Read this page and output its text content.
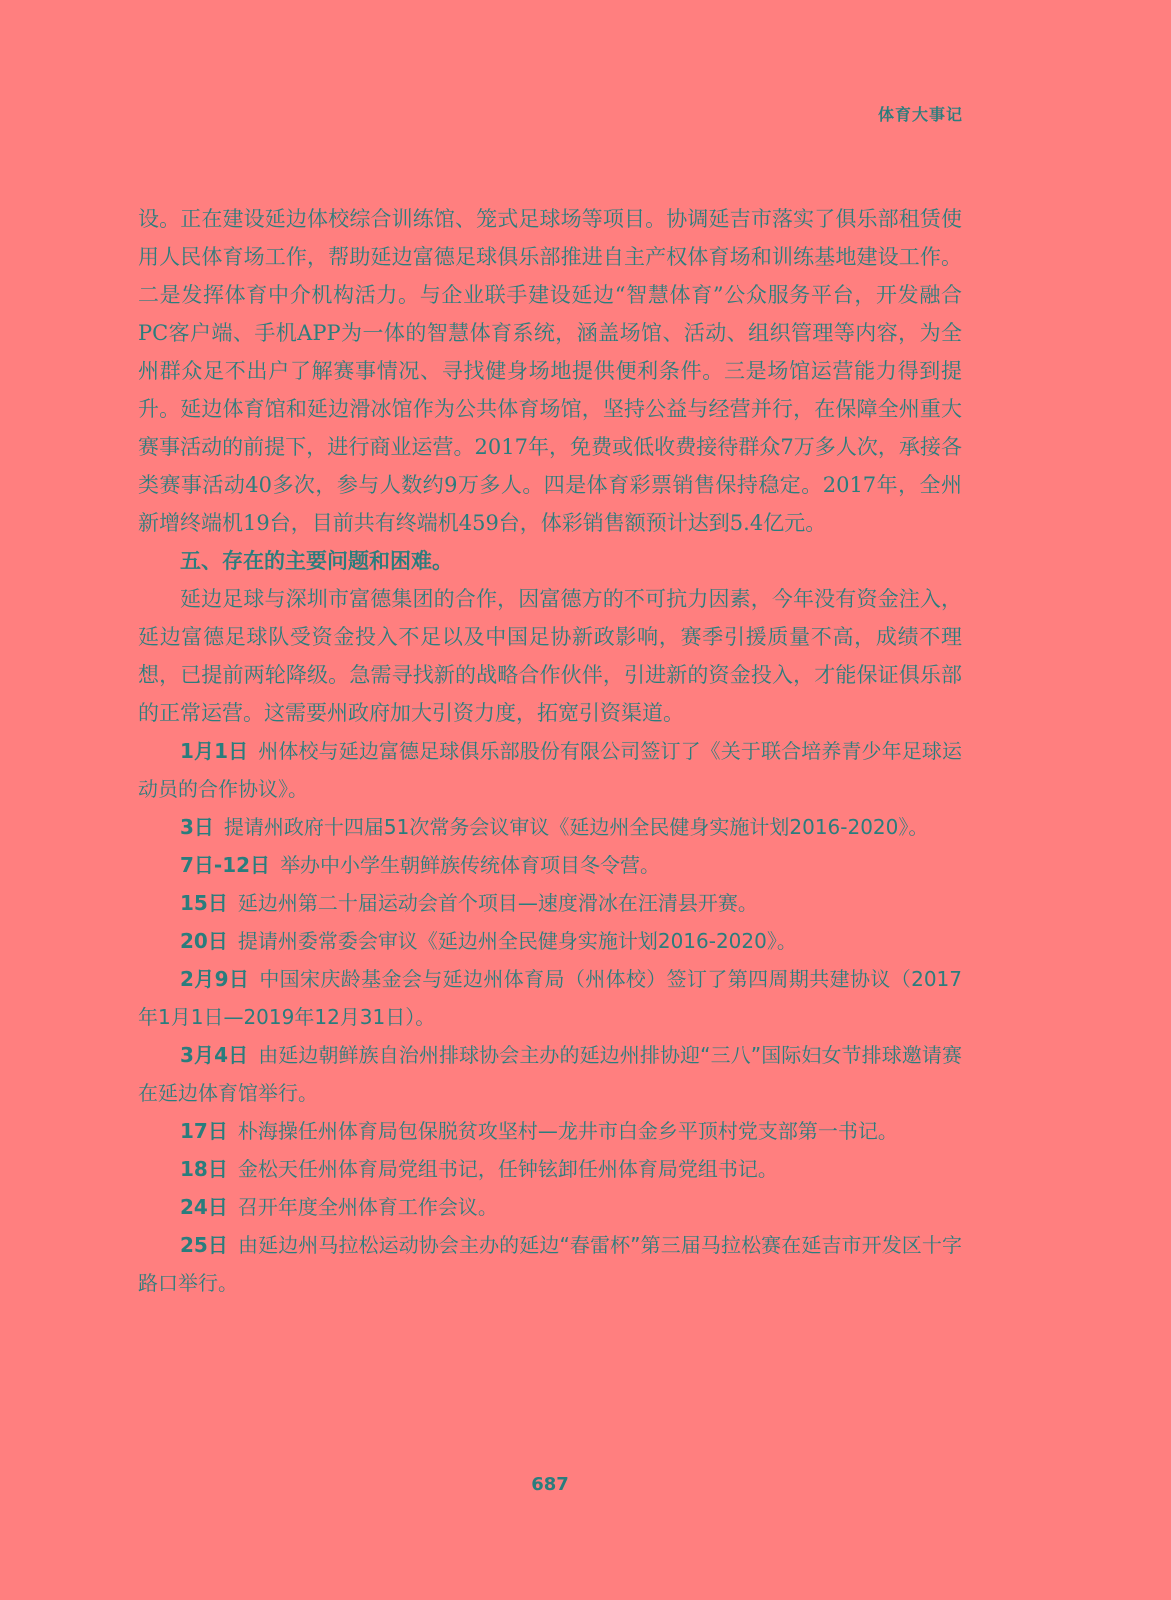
体育大事记

设。正在建设延边体校综合训练馆、笼式足球场等项目。协调延吉市落实了俱乐部租赁使用人民体育场工作，帮助延边富德足球俱乐部推进自主产权体育场和训练基地建设工作。二是发挥体育中介机构活力。与企业联手建设延边“智慧体育”公众服务平台，开发融合PC客户端、手机APP为一体的智慧体育系统，涵盖场馆、活动、组织管理等内容，为全州群众足不出户了解赛事情况、寻找健身场地提供便利条件。三是场馆运营能力得到提升。延边体育馆和延边滑冰馆作为公共体育场馆，坚持公益与经营并行，在保障全州重大赛事活动的前提下，进行商业运营。2017年，免费或低收费接待群众7万多人次，承接各类赛事活动40多次，参与人数约9万多人。四是体育彩票销售保持稳定。2017年，全州新增终端机19台，目前共有终端机459台，体彩销售额预计达到5.4亿元。

五、存在的主要问题和困难。

延边足球与深圳市富德集团的合作，因富德方的不可抗力因素，今年没有资金注入，延边富德足球队受资金投入不足以及中国足协新政影响，赛季引援质量不高，成绩不理想，已提前两轮降级。急需寻找新的战略合作伙伴，引进新的资金投入，才能保证俱乐部的正常运营。这需要州政府加大引资力度，拓宽引资渠道。

1月1日 州体校与延边富德足球俱乐部股份有限公司签订了《关于联合培养青少年足球运动员的合作协议》。

3日 提请州政府十四届51次常务会议审议《延边州全民健身实施计划2016-2020》。

7日-12日 举办中小学生朝鲜族传统体育项目冬令营。

15日 延边州第二十届运动会首个项目—速度滑冰在汪清县开赛。

20日 提请州委常委会审议《延边州全民健身实施计划2016-2020》。

2月9日 中国宋庆龄基金会与延边州体育局（州体校）签订了第四周期共建协议（2017年1月1日—2019年12月31日）。

3月4日 由延边朝鲜族自治州排球协会主办的延边州排协迎“三八”国际妇女节排球邀请赛在延边体育馆举行。

17日 朴海操任州体育局包保脱贫攻坚村—龙井市白金乡平顶村党支部第一书记。

18日 金松天任州体育局党组书记，任钟铉卸任州体育局党组书记。

24日 召开年度全州体育工作会议。

25日 由延边州马拉松运动协会主办的延边“春雷杯”第三届马拉松赛在延吉市开发区十字路口举行。

687
